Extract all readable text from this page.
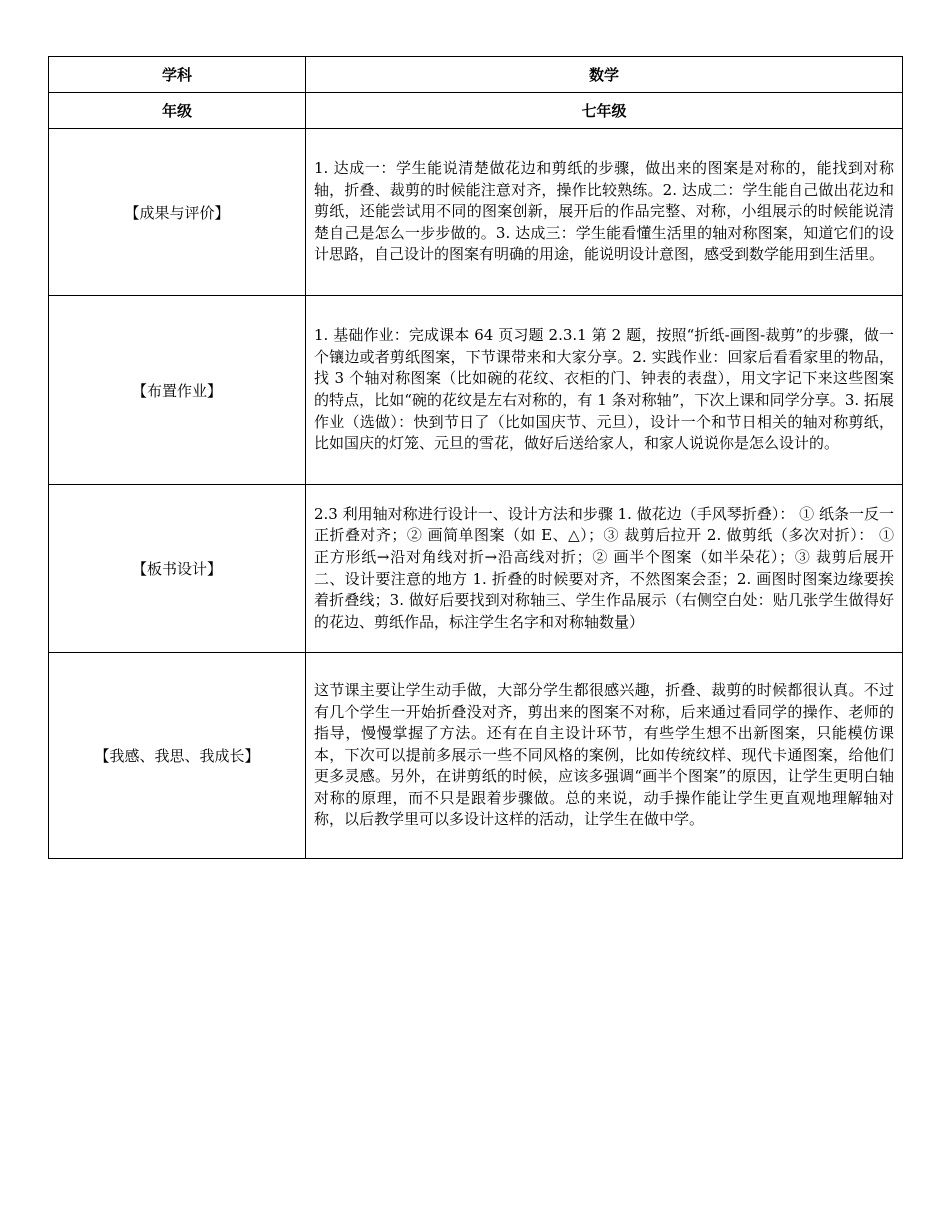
学科	数学
年级	七年级
【成果与评价】	1. 达成一：学生能说清楚做花边和剪纸的步骤，做出来的图案是对称的，能找到对称轴，折叠、裁剪的时候能注意对齐，操作比较熟练。2. 达成二：学生能自己做出花边和剪纸，还能尝试用不同的图案创新，展开后的作品完整、对称，小组展示的时候能说清楚自己是怎么一步步做的。3. 达成三：学生能看懂生活里的轴对称图案，知道它们的设计思路，自己设计的图案有明确的用途，能说明设计意图，感受到数学能用到生活里。
【布置作业】	1. 基础作业：完成课本 64 页习题 2.3.1 第 2 题，按照“折纸-画图-裁剪”的步骤，做一个镶边或者剪纸图案，下节课带来和大家分享。2. 实践作业：回家后看看家里的物品，找 3 个轴对称图案（比如碗的花纹、衣柜的门、钟表的表盘），用文字记下来这些图案的特点，比如“碗的花纹是左右对称的，有 1 条对称轴”，下次上课和同学分享。3. 拓展作业（选做）：快到节日了（比如国庆节、元旦），设计一个和节日相关的轴对称剪纸，比如国庆的灯笼、元旦的雪花，做好后送给家人，和家人说说你是怎么设计的。
【板书设计】	2.3 利用轴对称进行设计一、设计方法和步骤 1. 做花边（手风琴折叠）： ① 纸条一反一正折叠对齐；② 画简单图案（如 E、△）；③ 裁剪后拉开 2. 做剪纸（多次对折）： ① 正方形纸→沿对角线对折→沿高线对折；② 画半个图案（如半朵花）；③ 裁剪后展开二、设计要注意的地方 1. 折叠的时候要对齐，不然图案会歪；2. 画图时图案边缘要挨着折叠线；3. 做好后要找到对称轴三、学生作品展示（右侧空白处：贴几张学生做得好的花边、剪纸作品，标注学生名字和对称轴数量）
【我感、我思、我成长】	这节课主要让学生动手做，大部分学生都很感兴趣，折叠、裁剪的时候都很认真。不过有几个学生一开始折叠没对齐，剪出来的图案不对称，后来通过看同学的操作、老师的指导，慢慢掌握了方法。还有在自主设计环节，有些学生想不出新图案，只能模仿课本，下次可以提前多展示一些不同风格的案例，比如传统纹样、现代卡通图案，给他们更多灵感。另外，在讲剪纸的时候，应该多强调“画半个图案”的原因，让学生更明白轴对称的原理，而不只是跟着步骤做。总的来说，动手操作能让学生更直观地理解轴对称，以后教学里可以多设计这样的活动，让学生在做中学。
